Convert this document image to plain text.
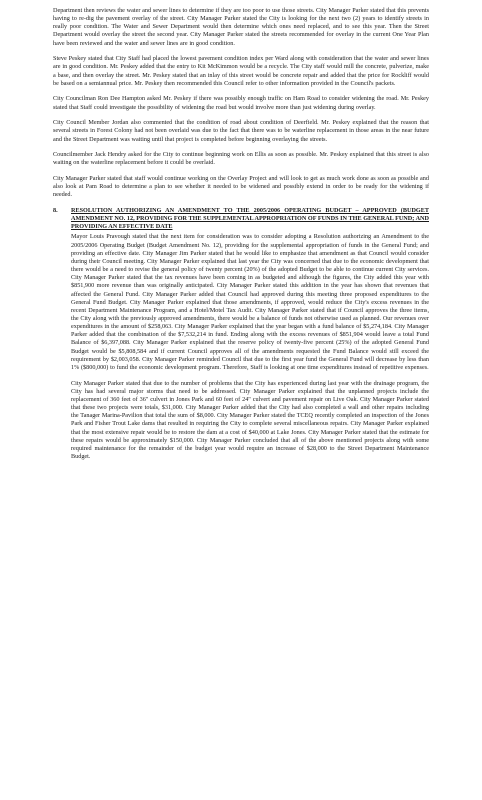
Department then reviews the water and sewer lines to determine if they are too poor to use those streets. City Manager Parker stated that this prevents having to re-dig the pavement overlay of the street. City Manager Parker stated the City is looking for the next two (2) years to identify streets in really poor condition. The Water and Sewer Department would then determine which ones need replaced, and to see this year. Then the Street Department would overlay the street the second year. City Manager Parker stated the streets recommended for overlay in the current One Year Plan have been reviewed and the water and sewer lines are in good condition.

Steve Peskey stated that City Staff had placed the lowest pavement condition index per Ward along with consideration that the water and sewer lines are in good condition. Mr. Peskey added that the entry to Kit McKimmon would be a recycle. The City staff would mill the concrete, pulverize, make a base, and then overlay the street. Mr. Peskey stated that an inlay of this street would be concrete repair and added that the price for Rockliff would be based on a semiannual price. Mr. Peskey then recommended this Council refer to other information provided in the Council's packets.

City Councilman Ron Dee Hampton asked Mr. Peskey if there was possibly enough traffic on Ham Road to consider widening the road. Mr. Peskey stated that Staff could investigate the possibility of widening the road but would involve more than just widening during overlay.

City Council Member Jordan also commented that the condition of road about condition of Deerfield. Mr. Peskey explained that the reason that several streets in Forest Colony had not been overlaid was due to the fact that there was to be waterline replacement in those areas in the near future and the Street Department was waiting until that project is completed before beginning overlaying the streets.

Councilmember Jack Hendry asked for the City to continue beginning work on Ellis as soon as possible. Mr. Peskey explained that this street is also waiting on the waterline replacement before it could be overlaid.

City Manager Parker stated that staff would continue working on the Overlay Project and will look to get as much work done as soon as possible and also look at Pam Road to determine a plan to see whether it needed to be widened and possibly extend in order to be ready for the widening if needed.

8.	RESOLUTION AUTHORIZING AN AMENDMENT TO THE 2005/2006 OPERATING BUDGET – APPROVED (BUDGET AMENDMENT NO. 12, PROVIDING FOR THE SUPPLEMENTAL APPROPRIATION OF FUNDS IN THE GENERAL FUND; AND PROVIDING AN EFFECTIVE DATE

Mayor Louis Pravough stated that the next item for consideration was to consider adopting a Resolution authorizing an Amendment to the 2005/2006 Operating Budget (Budget Amendment No. 12), providing for the supplemental appropriation of funds in the General Fund; and providing an effective date. City Manager Jim Parker stated that he would like to emphasize that amendment as that Council would consider during their Council meeting. City Manager Parker explained that last year the City was concerned that due to the economic development that there would be a need to revise the general policy of twenty percent (20%) of the adopted Budget to be able to continue current City services. City Manager Parker stated that the tax revenues have been coming in as budgeted and although the figures, the City added this year with $851,900 more revenue than was originally anticipated. City Manager Parker stated this addition in the year has shown that revenues that affected the General Fund. City Manager Parker added that Council had approved during this meeting three proposed expenditures to the General Fund Budget. City Manager Parker explained that those amendments, if approved, would reduce the City's excess revenues in the recent Department Maintenance Program, and a Hotel/Motel Tax Audit. City Manager Parker stated that if Council approves the three items, the City along with the previously approved amendments, there would be a balance of funds not otherwise used as planned. Our revenues over expenditures in the amount of $258,063. City Manager Parker explained that the year began with a fund balance of $5,274,184. City Manager Parker added that the combination of the $7,532,214 in fund. Ending along with the excess revenues of $851,904 would leave a total Fund Balance of $6,397,088. City Manager Parker explained that the reserve policy of twenty-five percent (25%) of the adopted General Fund Budget would be $5,808,584 and if current Council approves all of the amendments requested the Fund Balance would still exceed the requirement by $2,003,058. City Manager Parker reminded Council that due to the first year fund the General Fund will decrease by less than 1% ($800,000) to fund the economic development program. Therefore, Staff is looking at one time expenditures instead of repetitive expenses.

City Manager Parker stated that due to the number of problems that the City has experienced during last year with the drainage program, the City has had several major storms that need to be addressed. City Manager Parker explained that the unplanned projects include the replacement of 360 feet of 36" culvert in Jones Park and 60 feet of 24" culvert and pavement repair on Live Oak. City Manager Parker stated that these two projects were totals, $31,000. City Manager Parker added that the City had also completed a wall and other repairs including the Tanager Marina-Pavilion that total the sum of $8,000. City Manager Parker stated the TCEQ recently completed an inspection of the Jones Park and Fisher Trout Lake dams that resulted in requiring the City to complete several miscellaneous repairs. City Manager Parker explained that the most extensive repair would be to restore the dam at a cost of $40,000 at Lake Jones. City Manager Parker stated that the estimate for these repairs would be approximately $150,000. City Manager Parker concluded that all of the above mentioned projects along with some required maintenance for the remainder of the budget year would require an increase of $28,000 to the Street Department Maintenance Budget.
